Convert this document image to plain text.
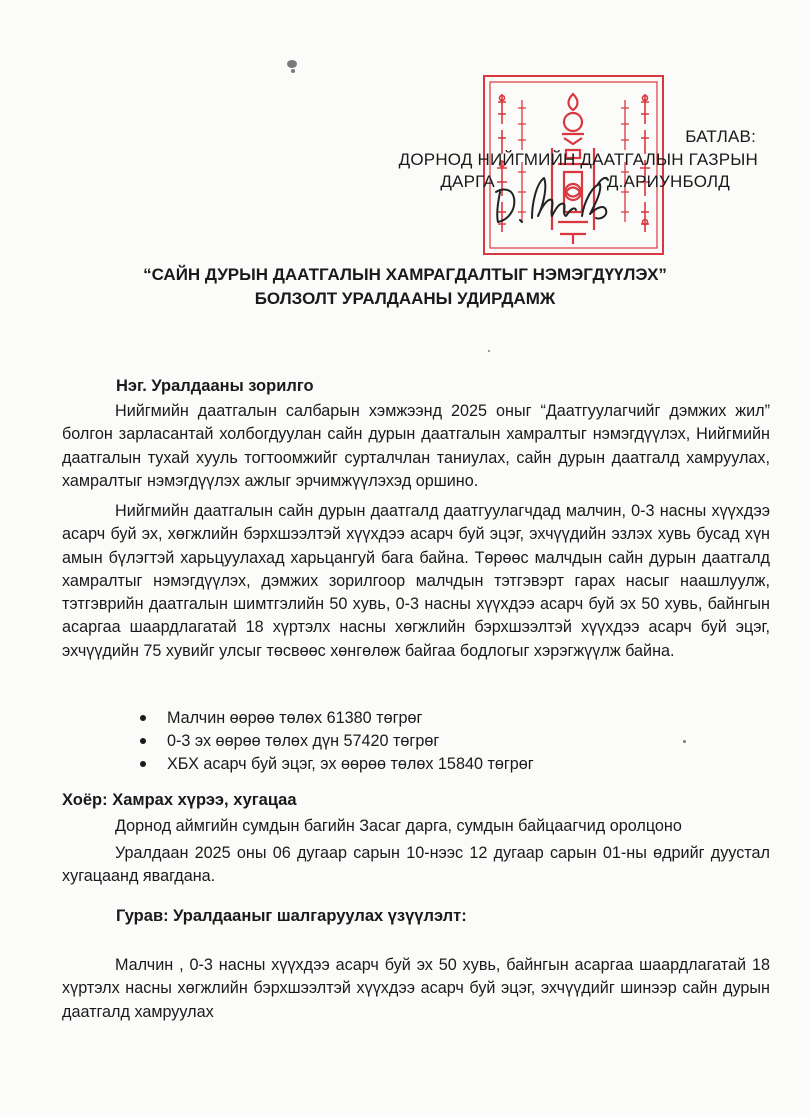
БАТЛАВ:
ДОРНОД НИЙГМИЙН ДААТГАЛЫН ГАЗРЫН
ДАРГА	Д.АРИУНБОЛД
“САЙН ДУРЫН ДААТГАЛЫН ХАМРАГДАЛТЫГ НЭМЭГДҮҮЛЭХ”
БОЛЗОЛТ УРАЛДААНЫ УДИРДАМЖ
Нэг. Уралдааны зорилго
Нийгмийн даатгалын салбарын хэмжээнд 2025 оныг “Даатгуулагчийг дэмжих жил” болгон зарласантай холбогдуулан сайн дурын даатгалын хамралтыг нэмэгдүүлэх, Нийгмийн даатгалын тухай хууль тогтоомжийг сурталчлан таниулах, сайн дурын даатгалд хамруулах, хамралтыг нэмэгдүүлэх ажлыг эрчимжүүлэхэд оршино.
Нийгмийн даатгалын сайн дурын даатгалд даатгуулагчдад малчин, 0-3 насны хүүхдээ асарч буй эх, хөгжлийн бэрхшээлтэй хүүхдээ асарч буй эцэг, эхчүүдийн эзлэх хувь бусад хүн амын бүлэгтэй харьцуулахад харьцангуй бага байна. Төрөөс малчдын сайн дурын даатгалд хамралтыг нэмэгдүүлэх, дэмжих зорилгоор малчдын тэтгэвэрт гарах насыг наашлуулж, тэтгэврийн даатгалын шимтгэлийн 50 хувь, 0-3 насны хүүхдээ асарч буй эх 50 хувь, байнгын асаргаа шаардлагатай 18 хүртэлх насны хөгжлийн бэрхшээлтэй хүүхдээ асарч буй эцэг, эхчүүдийн 75 хувийг улсыг төсвөөс хөнгөлөж байгаа бодлогыг хэрэгжүүлж байна.
Малчин өөрөө төлөх 61380 төгрөг
0-3 эх өөрөө төлөх дүн 57420 төгрөг
ХБХ асарч буй эцэг, эх өөрөө төлөх 15840 төгрөг
Хоёр: Хамрах хүрээ, хугацаа
Дорнод аймгийн сумдын багийн Засаг дарга, сумдын байцаагчид оролцоно
Уралдаан 2025 оны 06 дугаар сарын 10-нээс 12 дугаар сарын 01-ны өдрийг дуустал хугацаанд явагдана.
Гурав: Уралдааныг шалгаруулах үзүүлэлт:
Малчин , 0-3 насны хүүхдээ асарч буй эх 50 хувь, байнгын асаргаа шаардлагатай 18 хүртэлх насны хөгжлийн бэрхшээлтэй хүүхдээ асарч буй эцэг, эхчүүдийг шинээр сайн дурын даатгалд хамруулах
